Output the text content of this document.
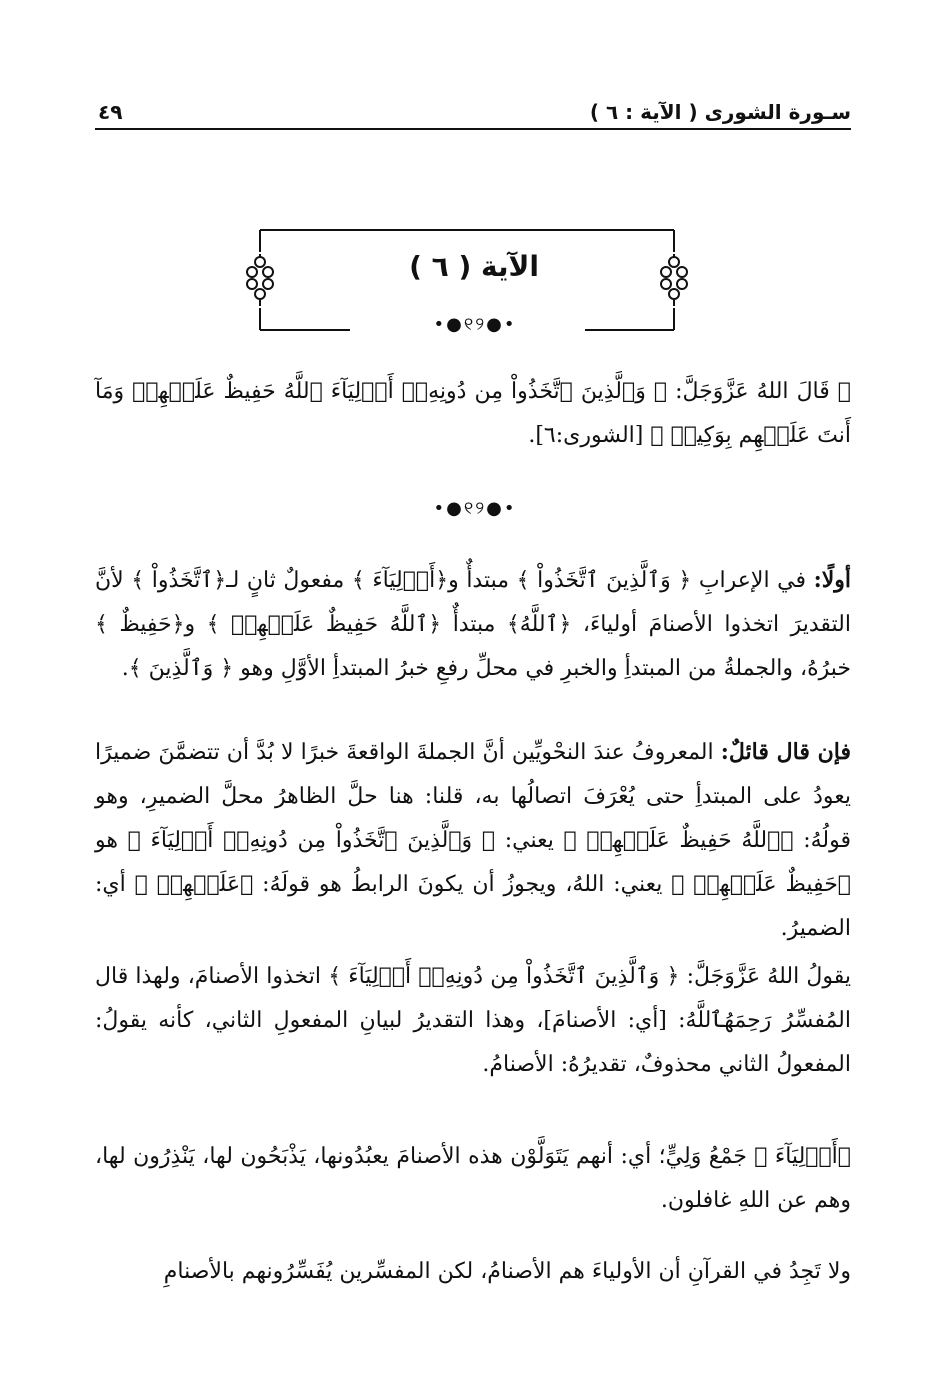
سـورة الشورى ( الآية : ٦ )
٤٩
الآية ( ٦ )
•●୧୨●•

۞ قَالَ اللهُ عَزَّوَجَلَّ: ﴿ وَٱلَّذِينَ ٱتَّخَذُواْ مِن دُونِهِۦٓ أَوۡلِيَآءَ ٱللَّهُ حَفِيظٌ عَلَيۡهِمۡ وَمَآ أَنتَ عَلَيۡهِم بِوَكِيلٖ ﴾ [الشورى:٦].

•●୧୨●•

أولًا: في الإعرابِ ﴿ وَٱلَّذِينَ ٱتَّخَذُواْ ﴾ مبتدأٌ و﴿أَوۡلِيَآءَ ﴾ مفعولٌ ثانٍ لـ﴿ٱتَّخَذُواْ ﴾ لأنَّ التقديرَ اتخذوا الأصنامَ أولياءَ، ﴿ٱللَّهُ﴾ مبتدأٌ ﴿ٱللَّهُ حَفِيظٌ عَلَيۡهِمۡ ﴾ و﴿حَفِيظٌ ﴾ خبرُهُ، والجملةُ من المبتدأِ والخبرِ في محلِّ رفعِ خبرُ المبتدأِ الأوَّلِ وهو ﴿ وَٱلَّذِينَ ﴾.

فإن قال قائلٌ: المعروفُ عندَ النحْويِّين أنَّ الجملةَ الواقعةَ خبرًا لا بُدَّ أن تتضمَّنَ ضميرًا يعودُ على المبتدأِ حتى يُعْرَفَ اتصالُها به، قلنا: هنا حلَّ الظاهرُ محلَّ الضميرِ، وهو قولُهُ: ﴿ٱللَّهُ حَفِيظٌ عَلَيۡهِمۡ ﴾ يعني: ﴿ وَٱلَّذِينَ ٱتَّخَذُواْ مِن دُونِهِۦٓ أَوۡلِيَآءَ ﴾ هو ﴿حَفِيظٌ عَلَيۡهِمۡ ﴾ يعني: اللهُ، ويجوزُ أن يكونَ الرابطُ هو قولَهُ: ﴿عَلَيۡهِمۡ ﴾ أي: الضميرُ.

يقولُ اللهُ عَزَّوَجَلَّ: ﴿ وَٱلَّذِينَ ٱتَّخَذُواْ مِن دُونِهِۦٓ أَوۡلِيَآءَ ﴾ اتخذوا الأصنامَ، ولهذا قال المُفسِّرُ رَحِمَهُٱللَّهُ: [أي: الأصنامَ]، وهذا التقديرُ لبيانِ المفعولِ الثاني، كأنه يقولُ: المفعولُ الثاني محذوفٌ، تقديرُهُ: الأصنامُ.

﴿أَوۡلِيَآءَ ﴾ جَمْعُ وَلِيٍّ؛ أي: أنهم يَتَوَلَّوْن هذه الأصنامَ يعبُدُونها، يَذْبَحُون لها، يَنْذِرُون لها، وهم عن اللهِ غافلون.

ولا تَجِدُ في القرآنِ أن الأولياءَ هم الأصنامُ، لكن المفسِّرين يُفَسِّرُونهم بالأصنامِ
